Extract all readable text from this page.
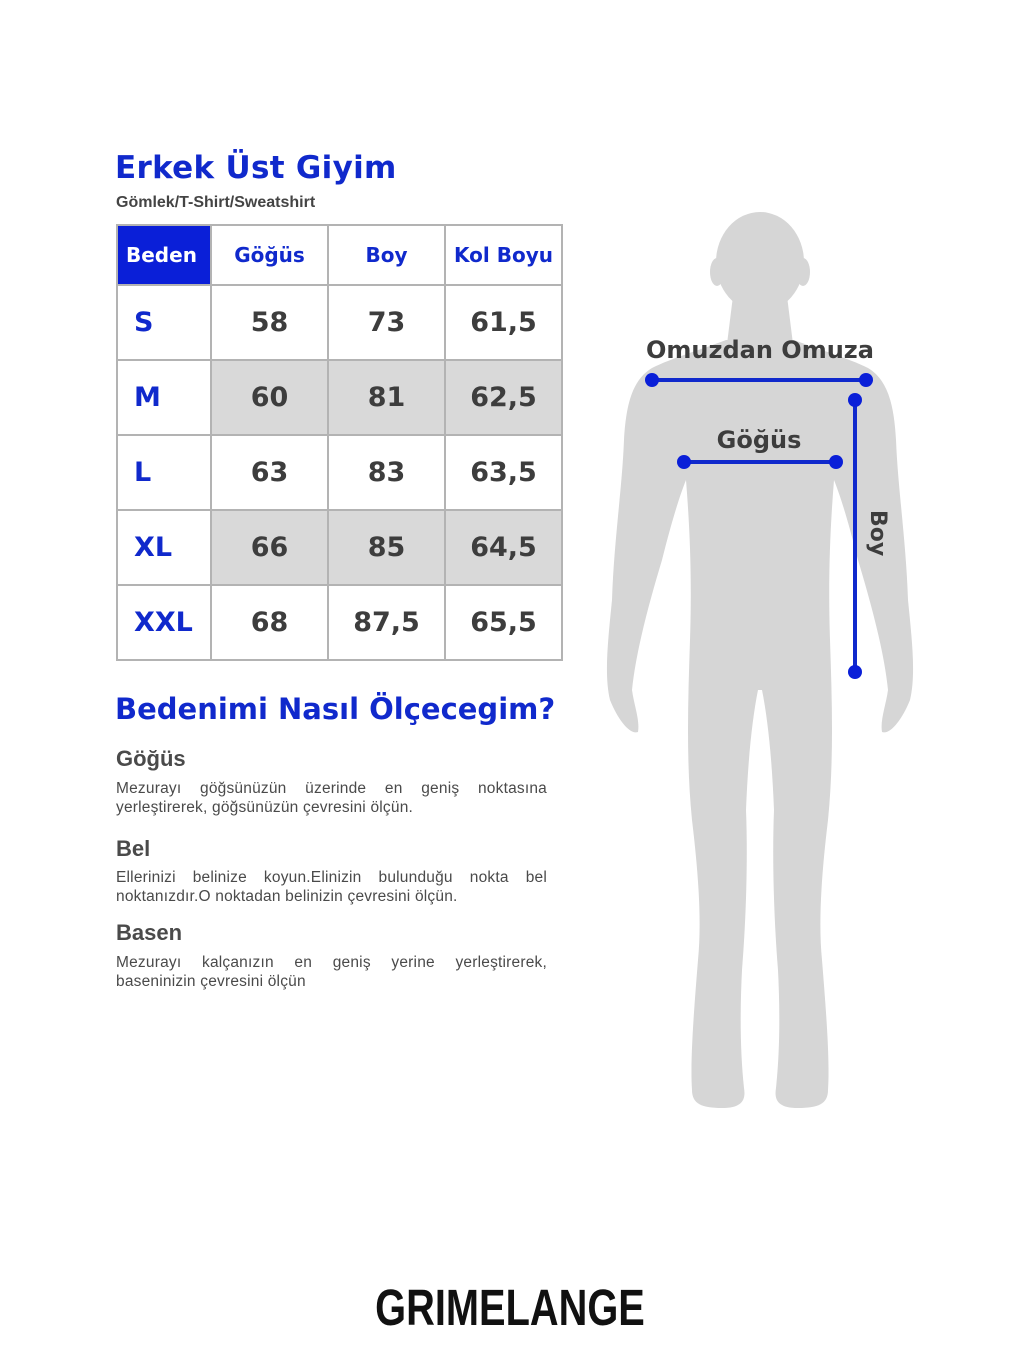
Erkek Üst Giyim
Gömlek/T-Shirt/Sweatshirt
Beden	Göğüs	Boy	Kol Boyu
S	58	73	61,5
M	60	81	62,5
L	63	83	63,5
XL	66	85	64,5
XXL	68	87,5	65,5
Bedenimi Nasıl Ölçecegim?
Göğüs
Mezurayı göğsünüzün üzerinde en geniş noktasına yerleştirerek, göğsünüzün çevresini ölçün.
Bel
Ellerinizi belinize koyun.Elinizin bulunduğu nokta bel noktanızdır.O noktadan belinizin çevresini ölçün.
Basen
Mezurayı kalçanızın en geniş yerine yerleştirerek, baseninizin çevresini ölçün
Omuzdan Omuza
Göğüs
Boy
GRIMELANGE
